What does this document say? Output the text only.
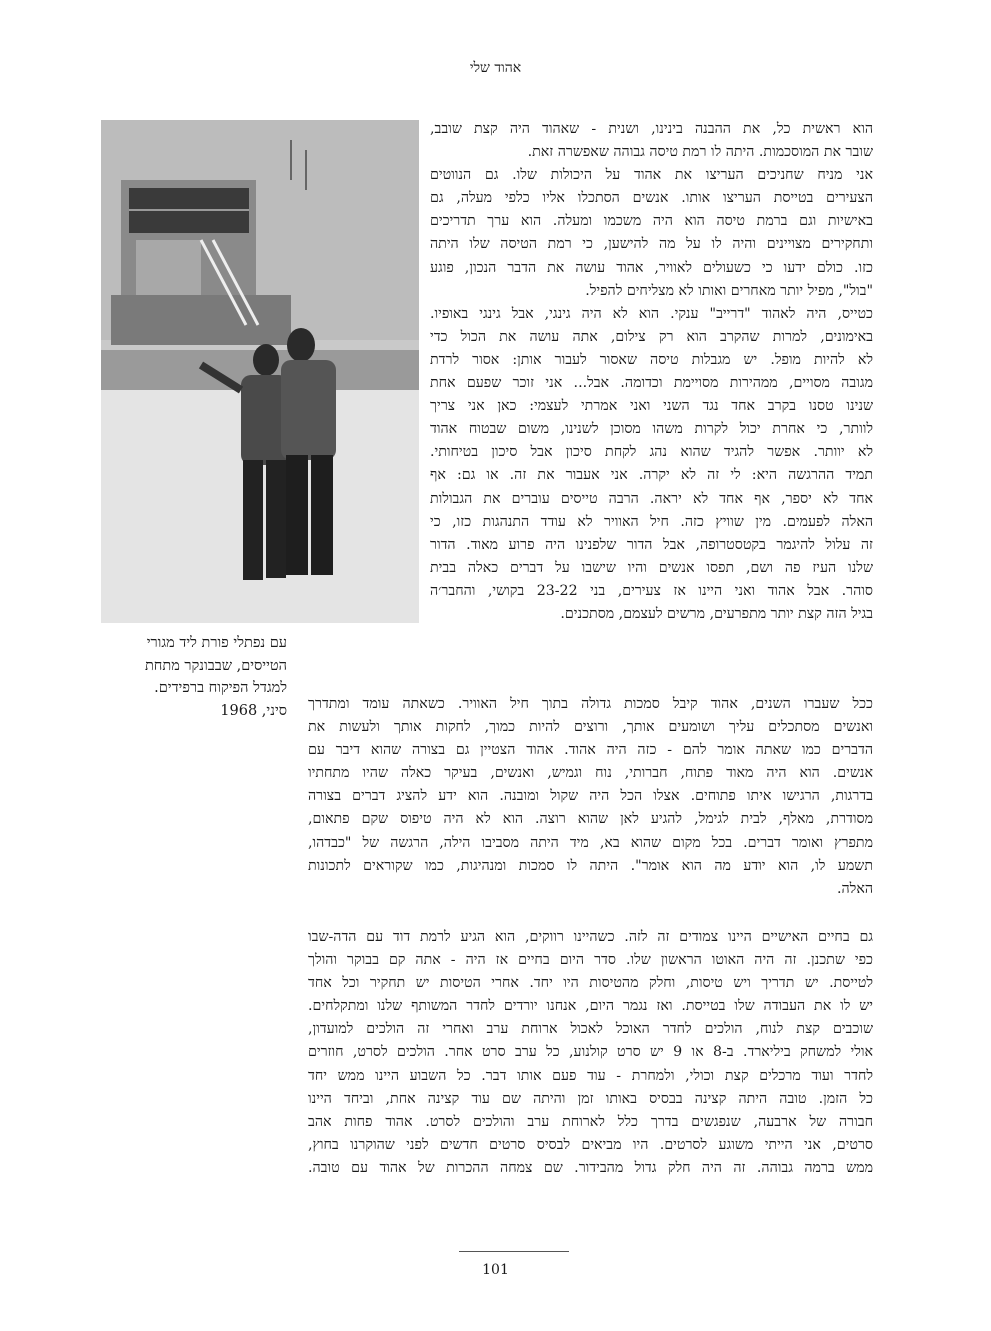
אהוד שלי

עם נפתלי פורת ליד מגורי

הטייסים, שבבונקר מתחת

למגדל הפיקוח ברפידים.

סיני, 1968

הוא ראשית כל, את ההבנה בינינו, ושנית - שאהוד היה קצת שובב,

שובר את המוסכמות. היתה לו רמת טיסה גבוהה שאפשרה זאת.

אני מניח שחניכים העריצו את אהוד על היכולות שלו. גם הנווטים

הצעירים בטייסת העריצו אותו. אנשים הסתכלו אליו כלפי מעלה, גם

באישיות וגם ברמת טיסה הוא היה משכמו ומעלה. הוא ערך תדריכים

ותחקירים מצויינים והיה לו על מה להישען, כי רמת הטיסה שלו היתה

כזו. כולם ידעו כי כשעולים לאוויר, אהוד עושה את הדבר הנכון, פוגע

"בול", מפיל יותר מאחרים ואותו לא מצליחים להפיל.

כטייס, היה לאהוד "דרייב" ענקי. הוא לא היה גינגי, אבל גינגי באופיו.

באימונים, למרות שהקרב הוא רק צילום, אתה עושה את הכול כדי

לא להיות מופל. יש מגבלות טיסה שאסור לעבור אותן: אסור לרדת

מגובה מסויים, ממהירות מסויימת וכדומה. אבל... אני זוכר שפעם אחת

שנינו טסנו בקרב אחד נגד השני ואני אמרתי לעצמי: כאן אני צריך

לוותר, כי אחרת יכול לקרות משהו מסוכן לשנינו, משום שבטוח אהוד

לא יוותר. אפשר להגיד שהוא נהג לקחת סיכון אבל סיכון בטיחותי.

תמיד ההרגשה היא: לי זה לא יקרה. אני אעבור את זה. או גם: אף

אחד לא יספר, אף אחד לא יראה. הרבה טייסים עוברים את הגבולות

האלה לפעמים. מין שוויץ כזה. חיל האוויר לא עודד התנהגות כזו, כי

זה עלול להיגמר בקטסטרופה, אבל הדור שלפנינו היה פרוע מאוד. הדור

שלנו העיז פה ושם, תפסו אנשים והיו שישבו על דברים כאלה בבית

סוהר. אבל אהוד ואני היינו אז צעירים, בני 23-22 בקושי, והחבר׳ה

בגיל הזה קצת יותר מתפרעים, מרשים לעצמם, מסתכנים.

ככל שעברו השנים, אהוד קיבל סמכות גדולה בתוך חיל האוויר. כשאתה עומד ומתדרך

ואנשים מסתכלים עליך ושומעים אותך, ורוצים להיות כמוך, לחקות אותך ולעשות את

הדברים כמו שאתה אומר להם - כזה היה אהוד. אהוד הצטיין גם בצורה שהוא דיבר עם

אנשים. הוא היה מאוד פתוח, חברותי, נוח וגמיש, ואנשים, בעיקר כאלה שהיו מתחתיו

בדרגות, הרגישו איתו פתוחים. אצלו הכל היה שקול ומובנה. הוא ידע להציג דברים בצורה

מסודרת, מאלף, לבית לגימל, להגיע לאן שהוא רוצה. הוא לא היה טיפוס שקם פתאום,

מתפרץ ואומר דברים. בכל מקום שהוא בא, מיד היתה מסביבו הילה, הרגשה של "כבדהו,

תשמע לו, הוא יודע מה הוא אומר". היתה לו סמכות ומנהיגות, כמו שקוראים לתכונות

האלה.

גם בחיים האישיים היינו צמודים זה לזה. כשהיינו רווקים, הוא הגיע לרמת דוד עם הדה-שבו

כפי שתכנן. זה היה האוטו הראשון שלו. סדר היום בחיים אז היה - אתה קם בבוקר והולך

לטייסת. יש תדריך ויש טיסות, וחלק מהטיסות היו יחד. אחרי הטיסות יש תחקיר וכל אחד

יש לו את העבודה שלו בטייסת. ואז נגמר היום, אנחנו יורדים לחדר המשותף שלנו ומתקלחים.

שוכבים קצת לנוח, הולכים לחדר האוכל לאכול ארוחת ערב ואחרי זה הולכים למועדון,

אולי למשחק ביליארד. ב-8 או 9 יש סרט קולנוע, כל ערב סרט אחר. הולכים לסרט, חוזרים

לחדר ועוד מרכלים קצת וכולי, ולמחרת - עוד פעם אותו דבר. כל השבוע היינו ממש יחד

כל הזמן. טובה היתה קצינה בבסיס באותו זמן והיתה שם עוד קצינה אחת, וביחד היינו

חבורה של ארבעה, שנפגשים בדרך כלל לארוחת ערב והולכים לסרט. אהוד פחות אהב

סרטים, אני הייתי משוגע לסרטים. היו מביאים לבסיס סרטים חדשים לפני שהוקרנו בחוץ,

ממש ברמה גבוהה. זה היה חלק גדול מהבידור. שם צמחה ההכרות של אהוד עם טובה.

101
